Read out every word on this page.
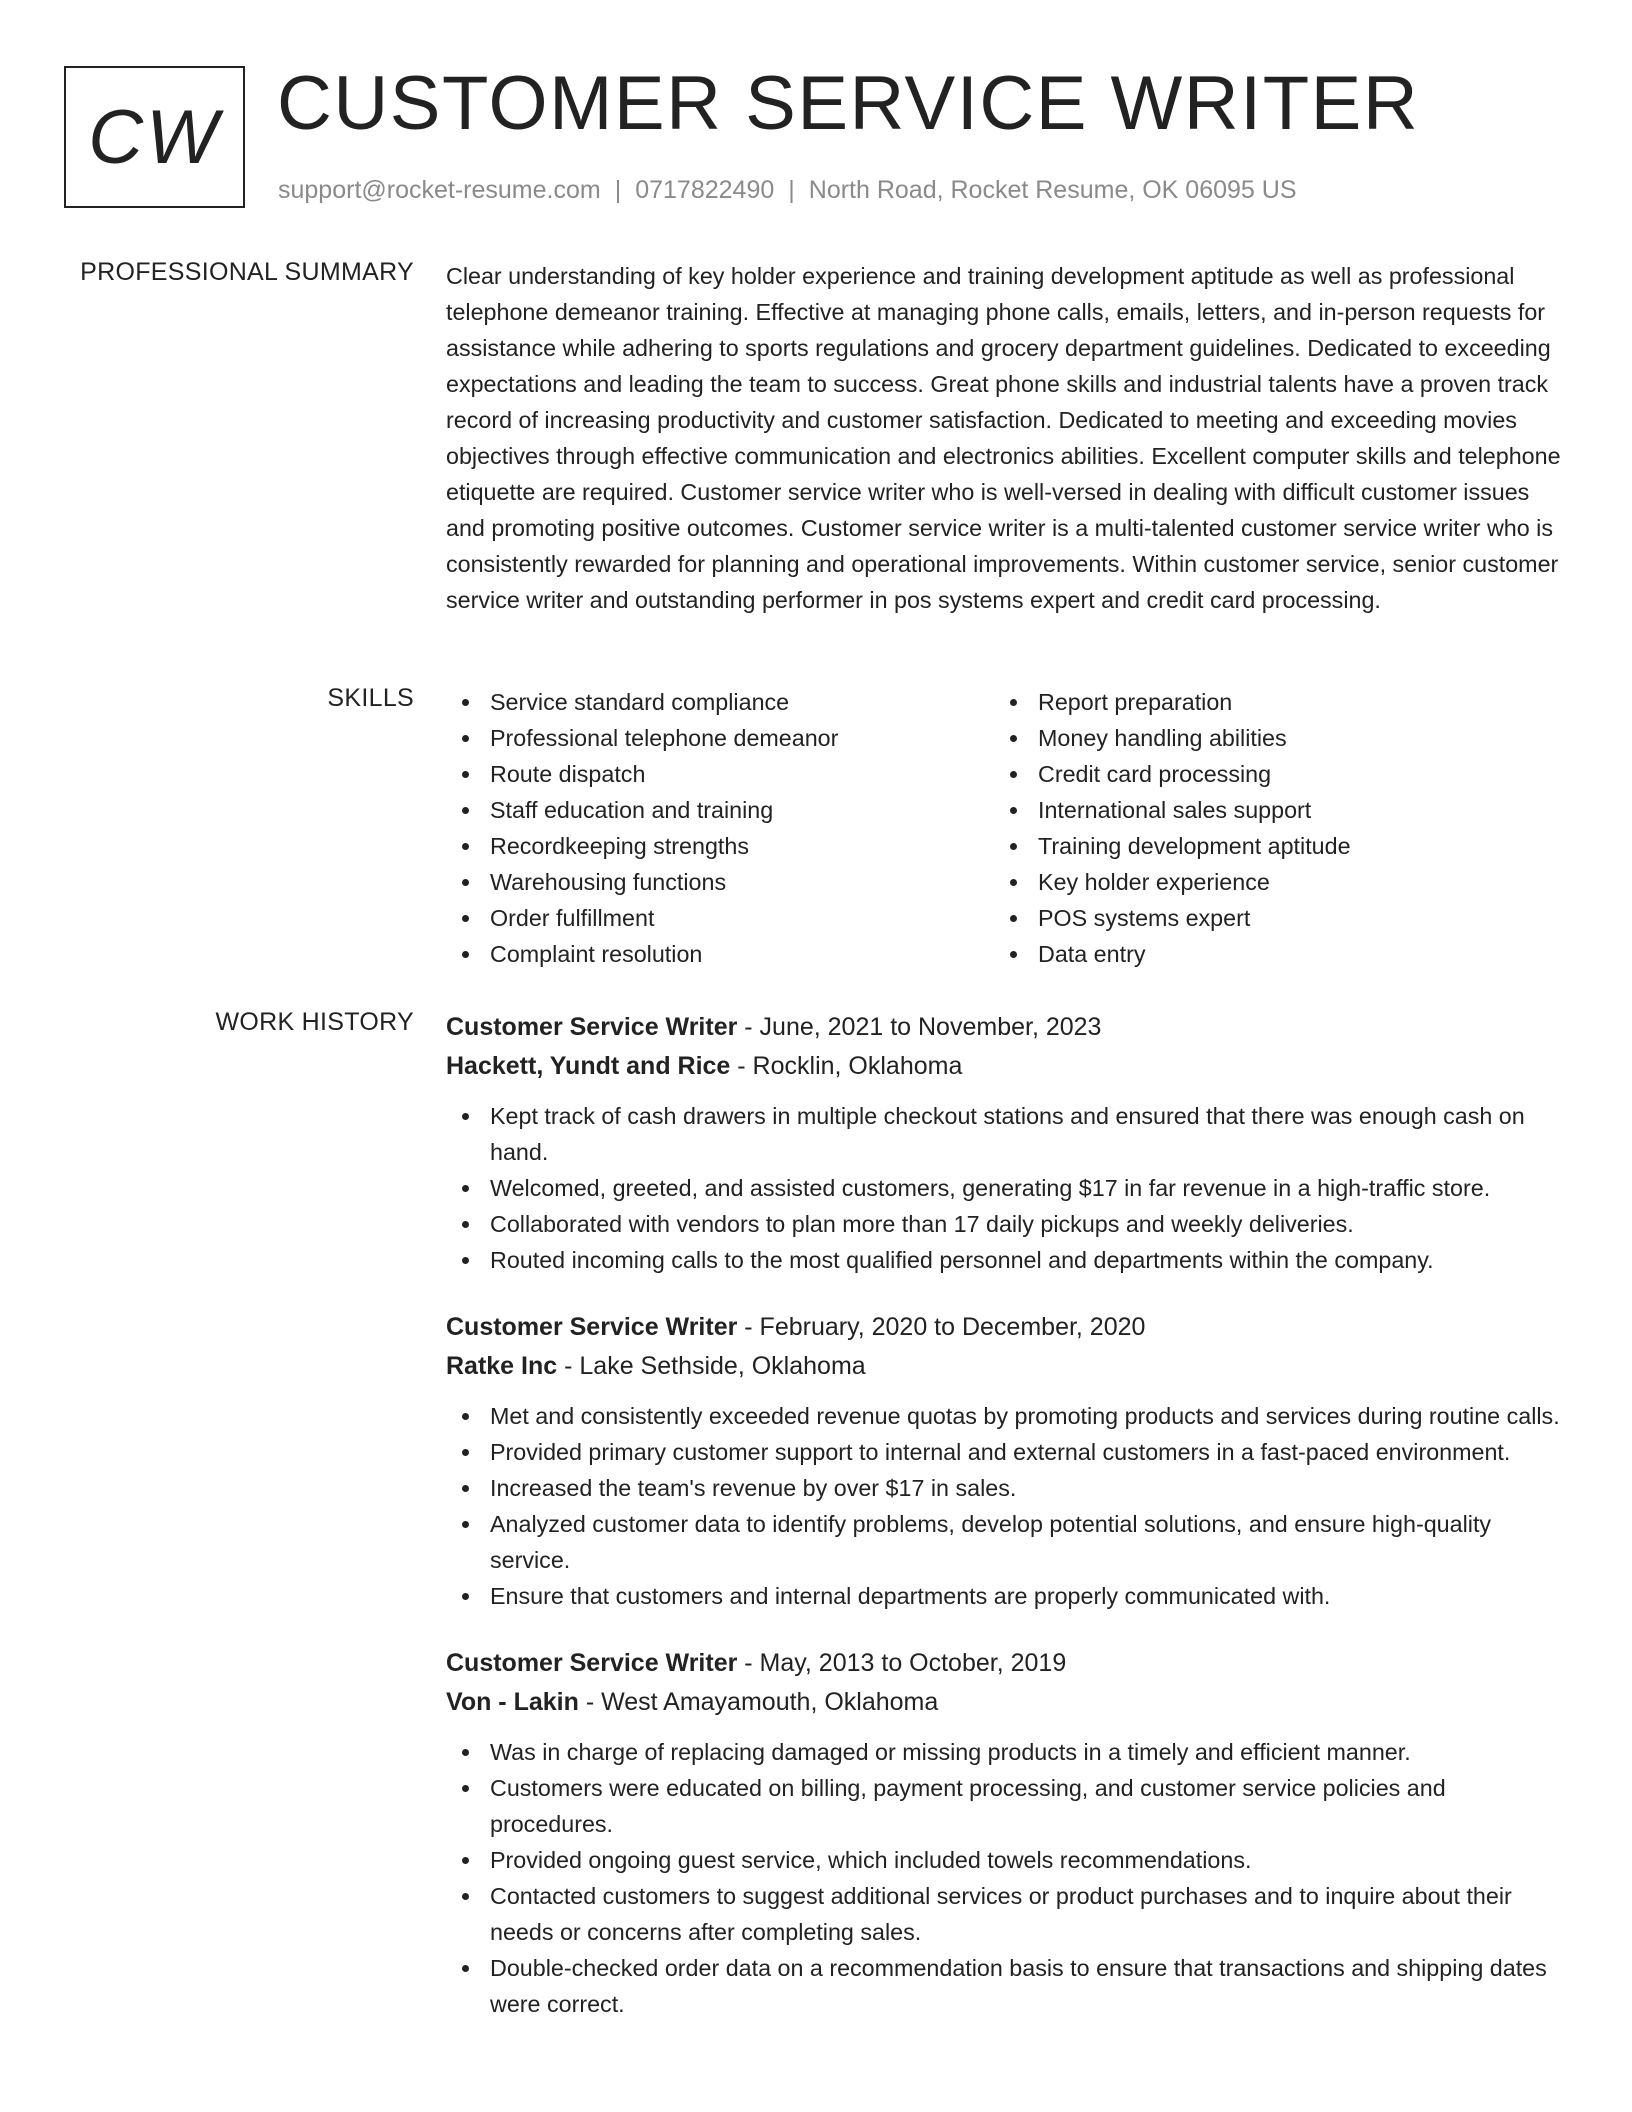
CW CUSTOMER SERVICE WRITER
support@rocket-resume.com | 0717822490 | North Road, Rocket Resume, OK 06095 US
PROFESSIONAL SUMMARY Clear understanding of key holder experience and training development aptitude as well as professional telephone demeanor training. Effective at managing phone calls, emails, letters, and in-person requests for assistance while adhering to sports regulations and grocery department guidelines. Dedicated to exceeding expectations and leading the team to success. Great phone skills and industrial talents have a proven track record of increasing productivity and customer satisfaction. Dedicated to meeting and exceeding movies objectives through effective communication and electronics abilities. Excellent computer skills and telephone etiquette are required. Customer service writer who is well-versed in dealing with difficult customer issues and promoting positive outcomes. Customer service writer is a multi-talented customer service writer who is consistently rewarded for planning and operational improvements. Within customer service, senior customer service writer and outstanding performer in pos systems expert and credit card processing.

SKILLS	Service standard compliance
Professional telephone demeanor
Route dispatch
Staff education and training
Recordkeeping strengths
Warehousing functions
Order fulfillment
Complaint resolution
Report preparation
Money handling abilities
Credit card processing
International sales support
Training development aptitude
Key holder experience
POS systems expert
Data entry
WORK HISTORY Customer Service Writer - June, 2021 to November, 2023
Hackett, Yundt and Rice - Rocklin, Oklahoma
Kept track of cash drawers in multiple checkout stations and ensured that there was enough cash on hand.
Welcomed, greeted, and assisted customers, generating $17 in far revenue in a high-traffic store.
Collaborated with vendors to plan more than 17 daily pickups and weekly deliveries.
Routed incoming calls to the most qualified personnel and departments within the company.
Customer Service Writer - February, 2020 to December, 2020
Ratke Inc - Lake Sethside, Oklahoma
Met and consistently exceeded revenue quotas by promoting products and services during routine calls.
Provided primary customer support to internal and external customers in a fast-paced environment.
Increased the team's revenue by over $17 in sales.
Analyzed customer data to identify problems, develop potential solutions, and ensure high-quality service.
Ensure that customers and internal departments are properly communicated with.
Customer Service Writer - May, 2013 to October, 2019
Von - Lakin - West Amayamouth, Oklahoma
Was in charge of replacing damaged or missing products in a timely and efficient manner.
Customers were educated on billing, payment processing, and customer service policies and procedures.
Provided ongoing guest service, which included towels recommendations.
Contacted customers to suggest additional services or product purchases and to inquire about their needs or concerns after completing sales.
Double-checked order data on a recommendation basis to ensure that transactions and shipping dates were correct.
